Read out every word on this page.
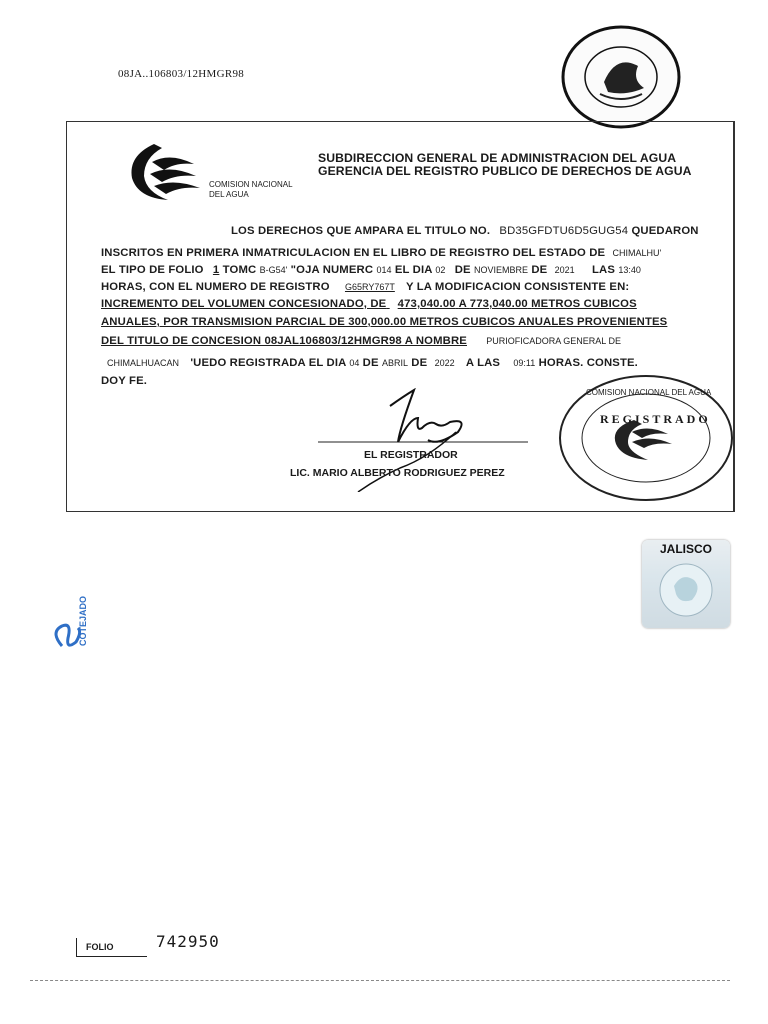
08JA..106803/12HMGR98
COMISION NACIONAL
DEL AGUA
SUBDIRECCION GENERAL DE ADMINISTRACION DEL AGUA
GERENCIA DEL REGISTRO PUBLICO DE DERECHOS DE AGUA
LOS DERECHOS QUE AMPARA EL TITULO NO. BD35GFDTU6D5GUG54 QUEDARON
INSCRITOS EN PRIMERA INMATRICULACION EN EL LIBRO DE REGISTRO DEL ESTADO DE CHIMALHU'
EL TIPO DE FOLIO 1 TOMC B-G54' "OJA NUMERC 014 EL DIA 02 DE NOVIEMBRE DE 2021 LAS 13:40
HORAS, CON EL NUMERO DE REGISTRO G65RY767T Y LA MODIFICACION CONSISTENTE EN:
INCREMENTO DEL VOLUMEN CONCESIONADO, DE 473,040.00 A 773,040.00 METROS CUBICOS
ANUALES, POR TRANSMISION PARCIAL DE 300,000.00 METROS CUBICOS ANUALES PROVENIENTES
DEL TITULO DE CONCESION 08JAL106803/12HMGR98 A NOMBRE PURIOFICADORA GENERAL DE
CHIMALHUACAN 'UEDO REGISTRADA EL DIA 04 DE ABRIL DE 2022 A LAS 09:11 HORAS. CONSTE.
DOY FE.
EL REGISTRADOR
LIC. MARIO ALBERTO RODRIGUEZ PEREZ
COMISION NACIONAL DEL AGUA
REGISTRADO
JALISCO
COTEJADO
FOLIO	742950
